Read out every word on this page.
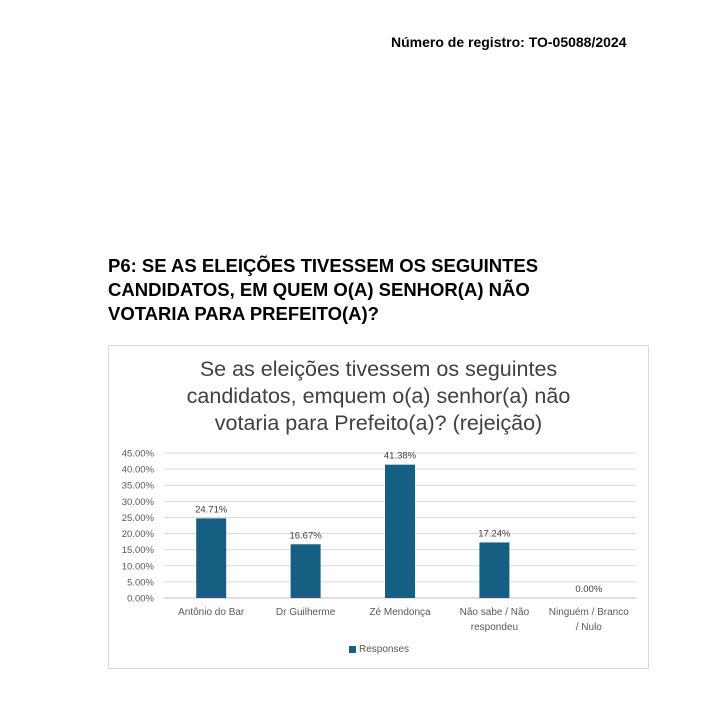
Número de registro: TO-05088/2024
P6: SE AS ELEIÇÕES TIVESSEM OS SEGUINTES
CANDIDATOS, EM QUEM O(A) SENHOR(A) NÃO
VOTARIA PARA PREFEITO(A)?
Se as eleições tivessem os seguintes
candidatos, emquem o(a) senhor(a) não
votaria para Prefeito(a)? (rejeição)
0.00%
5.00%
10.00%
15.00%
20.00%
25.00%
30.00%
35.00%
40.00%
45.00%
24.71%
Antônio do Bar
16.67%
Dr Guilherme
41.38%
Zé Mendonça
17.24%
Não sabe / Não
respondeu
0.00%
Ninguém / Branco
/ Nulo
Responses
